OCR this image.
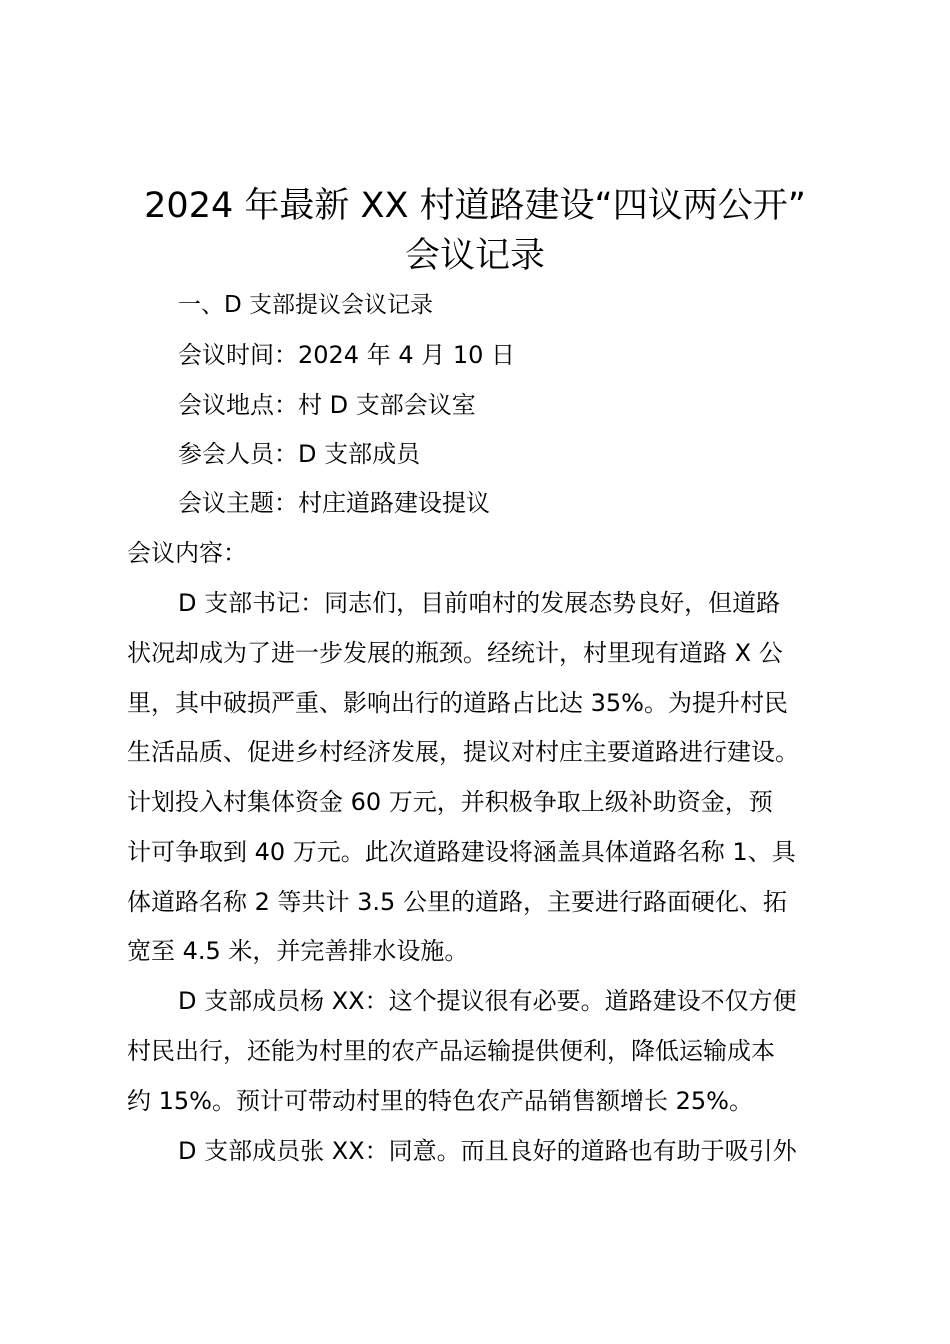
2024 年最新 XX 村道路建设“四议两公开”
会议记录
一、D 支部提议会议记录
会议时间：2024 年 4 月 10 日
会议地点：村 D 支部会议室
参会人员：D 支部成员
会议主题：村庄道路建设提议
会议内容：
D 支部书记：同志们，目前咱村的发展态势良好，但道路
状况却成为了进一步发展的瓶颈。经统计，村里现有道路 X 公
里，其中破损严重、影响出行的道路占比达 35%。为提升村民
生活品质、促进乡村经济发展，提议对村庄主要道路进行建设。
计划投入村集体资金 60 万元，并积极争取上级补助资金，预
计可争取到 40 万元。此次道路建设将涵盖具体道路名称 1、具
体道路名称 2 等共计 3.5 公里的道路，主要进行路面硬化、拓
宽至 4.5 米，并完善排水设施。
D 支部成员杨 XX：这个提议很有必要。道路建设不仅方便
村民出行，还能为村里的农产品运输提供便利，降低运输成本
约 15%。预计可带动村里的特色农产品销售额增长 25%。
D 支部成员张 XX：同意。而且良好的道路也有助于吸引外
